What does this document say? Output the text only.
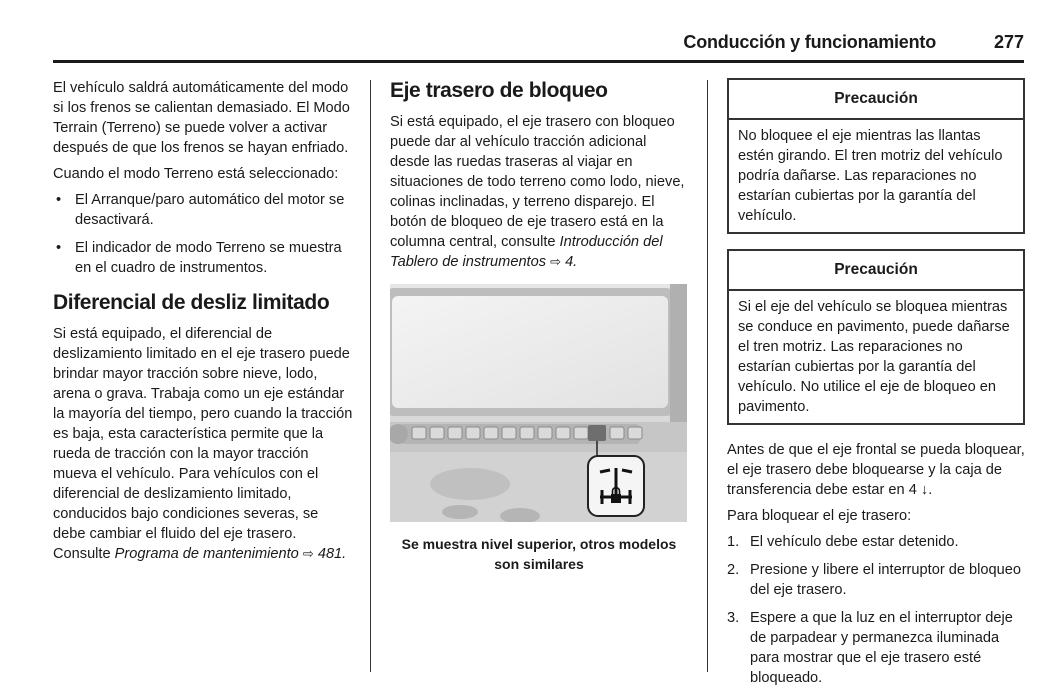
Conducción y funcionamiento	277

El vehículo saldrá automáticamente del modo si los frenos se calientan demasiado. El Modo Terrain (Terreno) se puede volver a activar después de que los frenos se hayan enfriado.

Cuando el modo Terreno está seleccionado:

• El Arranque/paro automático del motor se desactivará.
• El indicador de modo Terreno se muestra en el cuadro de instrumentos.
Diferencial de desliz limitado

Si está equipado, el diferencial de deslizamiento limitado en el eje trasero puede brindar mayor tracción sobre nieve, lodo, arena o grava. Trabaja como un eje estándar la mayoría del tiempo, pero cuando la tracción es baja, esta característica permite que la rueda de tracción con la mayor tracción mueva el vehículo. Para vehículos con el diferencial de deslizamiento limitado, conducidos bajo condiciones severas, se debe cambiar el fluido del eje trasero. Consulte Programa de mantenimiento ⇨ 481.

Eje trasero de bloqueo

Si está equipado, el eje trasero con bloqueo puede dar al vehículo tracción adicional desde las ruedas traseras al viajar en situaciones de todo terreno como lodo, nieve, colinas inclinadas, y terreno disparejo. El botón de bloqueo de eje trasero está en la columna central, consulte Introducción del Tablero de instrumentos ⇨ 4.

Se muestra nivel superior, otros modelos son similares
Precaución
No bloquee el eje mientras las llantas estén girando. El tren motriz del vehículo podría dañarse. Las reparaciones no estarían cubiertas por la garantía del vehículo.
Precaución
Si el eje del vehículo se bloquea mientras se conduce en pavimento, puede dañarse el tren motriz. Las reparaciones no estarían cubiertas por la garantía del vehículo. No utilice el eje de bloqueo en pavimento.

Antes de que el eje frontal se pueda bloquear, el eje trasero debe bloquearse y la caja de transferencia debe estar en 4 ↓.

Para bloquear el eje trasero:

1. El vehículo debe estar detenido.
2. Presione y libere el interruptor de bloqueo del eje trasero.
3. Espere a que la luz en el interruptor deje de parpadear y permanezca iluminada para mostrar que el eje trasero esté bloqueado.
